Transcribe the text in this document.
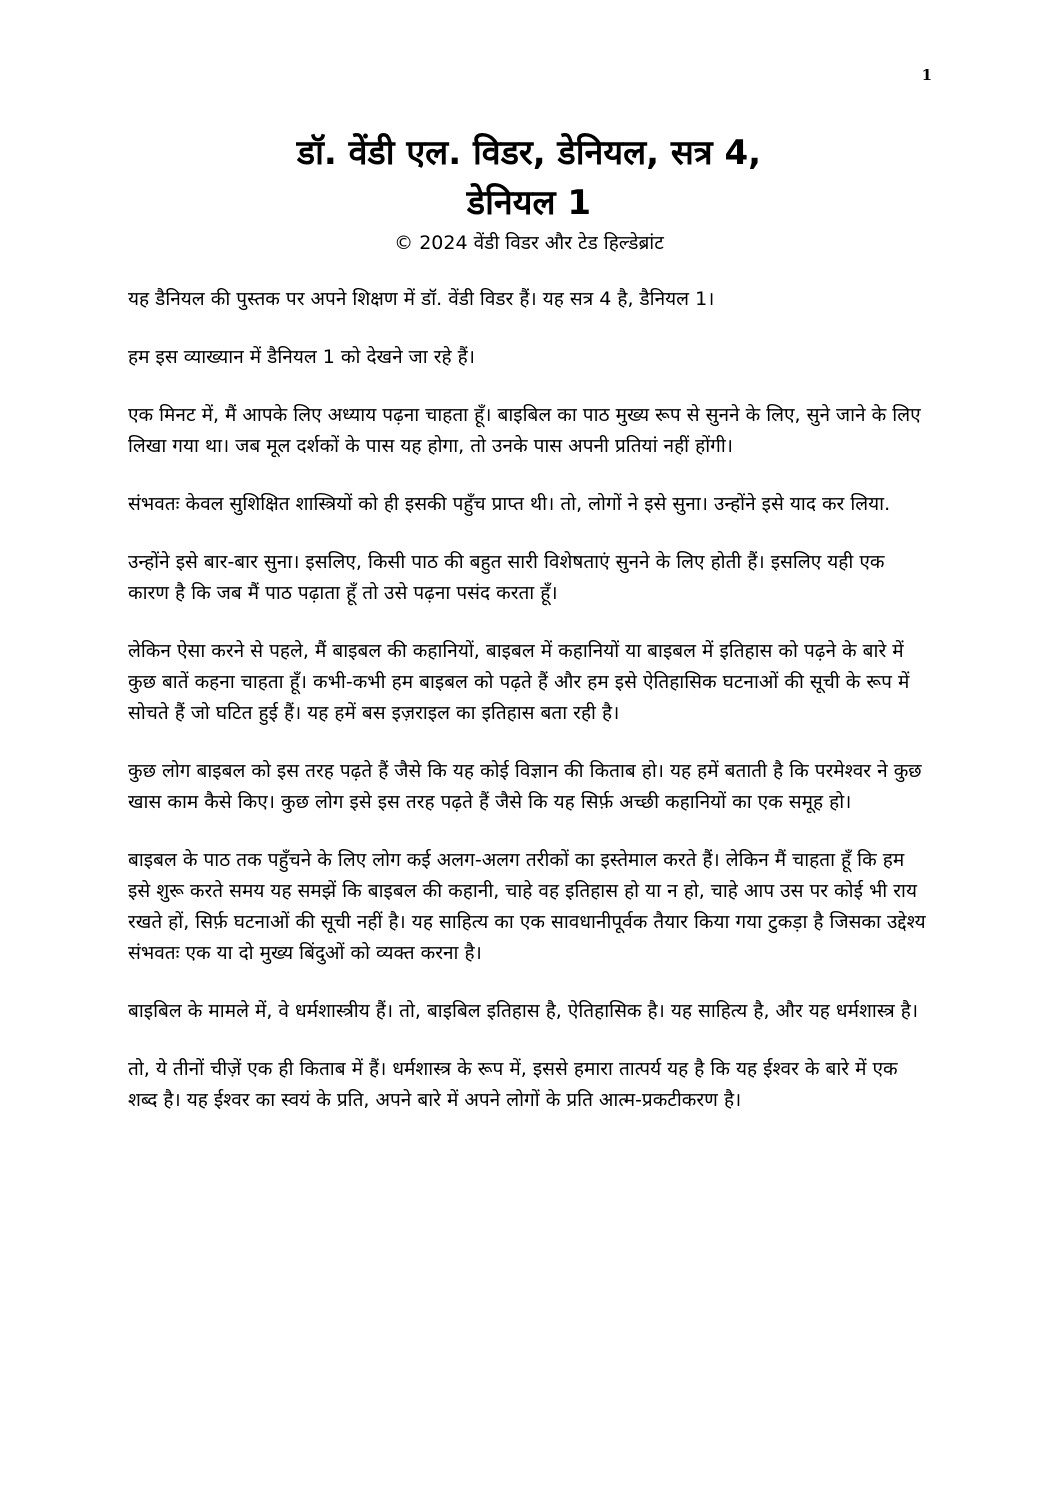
1
डॉ. वेंडी एल. विडर, डेनियल, सत्र 4,
डेनियल 1

© 2024 वेंडी विडर और टेड हिल्डेब्रांट

यह डैनियल की पुस्तक पर अपने शिक्षण में डॉ. वेंडी विडर हैं। यह सत्र 4 है, डैनियल 1।

हम इस व्याख्यान में डैनियल 1 को देखने जा रहे हैं।

एक मिनट में, मैं आपके लिए अध्याय पढ़ना चाहता हूँ। बाइबिल का पाठ मुख्य रूप से सुनने के लिए, सुने जाने के लिए लिखा गया था। जब मूल दर्शकों के पास यह होगा, तो उनके पास अपनी प्रतियां नहीं होंगी।

संभवतः केवल सुशिक्षित शास्त्रियों को ही इसकी पहुँच प्राप्त थी। तो, लोगों ने इसे सुना। उन्होंने इसे याद कर लिया.

उन्होंने इसे बार-बार सुना। इसलिए, किसी पाठ की बहुत सारी विशेषताएं सुनने के लिए होती हैं। इसलिए यही एक कारण है कि जब मैं पाठ पढ़ाता हूँ तो उसे पढ़ना पसंद करता हूँ।

लेकिन ऐसा करने से पहले, मैं बाइबल की कहानियों, बाइबल में कहानियों या बाइबल में इतिहास को पढ़ने के बारे में कुछ बातें कहना चाहता हूँ। कभी-कभी हम बाइबल को पढ़ते हैं और हम इसे ऐतिहासिक घटनाओं की सूची के रूप में सोचते हैं जो घटित हुई हैं। यह हमें बस इज़राइल का इतिहास बता रही है।

कुछ लोग बाइबल को इस तरह पढ़ते हैं जैसे कि यह कोई विज्ञान की किताब हो। यह हमें बताती है कि परमेश्वर ने कुछ खास काम कैसे किए। कुछ लोग इसे इस तरह पढ़ते हैं जैसे कि यह सिर्फ़ अच्छी कहानियों का एक समूह हो।

बाइबल के पाठ तक पहुँचने के लिए लोग कई अलग-अलग तरीकों का इस्तेमाल करते हैं। लेकिन मैं चाहता हूँ कि हम इसे शुरू करते समय यह समझें कि बाइबल की कहानी, चाहे वह इतिहास हो या न हो, चाहे आप उस पर कोई भी राय रखते हों, सिर्फ़ घटनाओं की सूची नहीं है। यह साहित्य का एक सावधानीपूर्वक तैयार किया गया टुकड़ा है जिसका उद्देश्य संभवतः एक या दो मुख्य बिंदुओं को व्यक्त करना है।

बाइबिल के मामले में, वे धर्मशास्त्रीय हैं। तो, बाइबिल इतिहास है, ऐतिहासिक है। यह साहित्य है, और यह धर्मशास्त्र है।

तो, ये तीनों चीज़ें एक ही किताब में हैं। धर्मशास्त्र के रूप में, इससे हमारा तात्पर्य यह है कि यह ईश्वर के बारे में एक शब्द है। यह ईश्वर का स्वयं के प्रति, अपने बारे में अपने लोगों के प्रति आत्म-प्रकटीकरण है।
